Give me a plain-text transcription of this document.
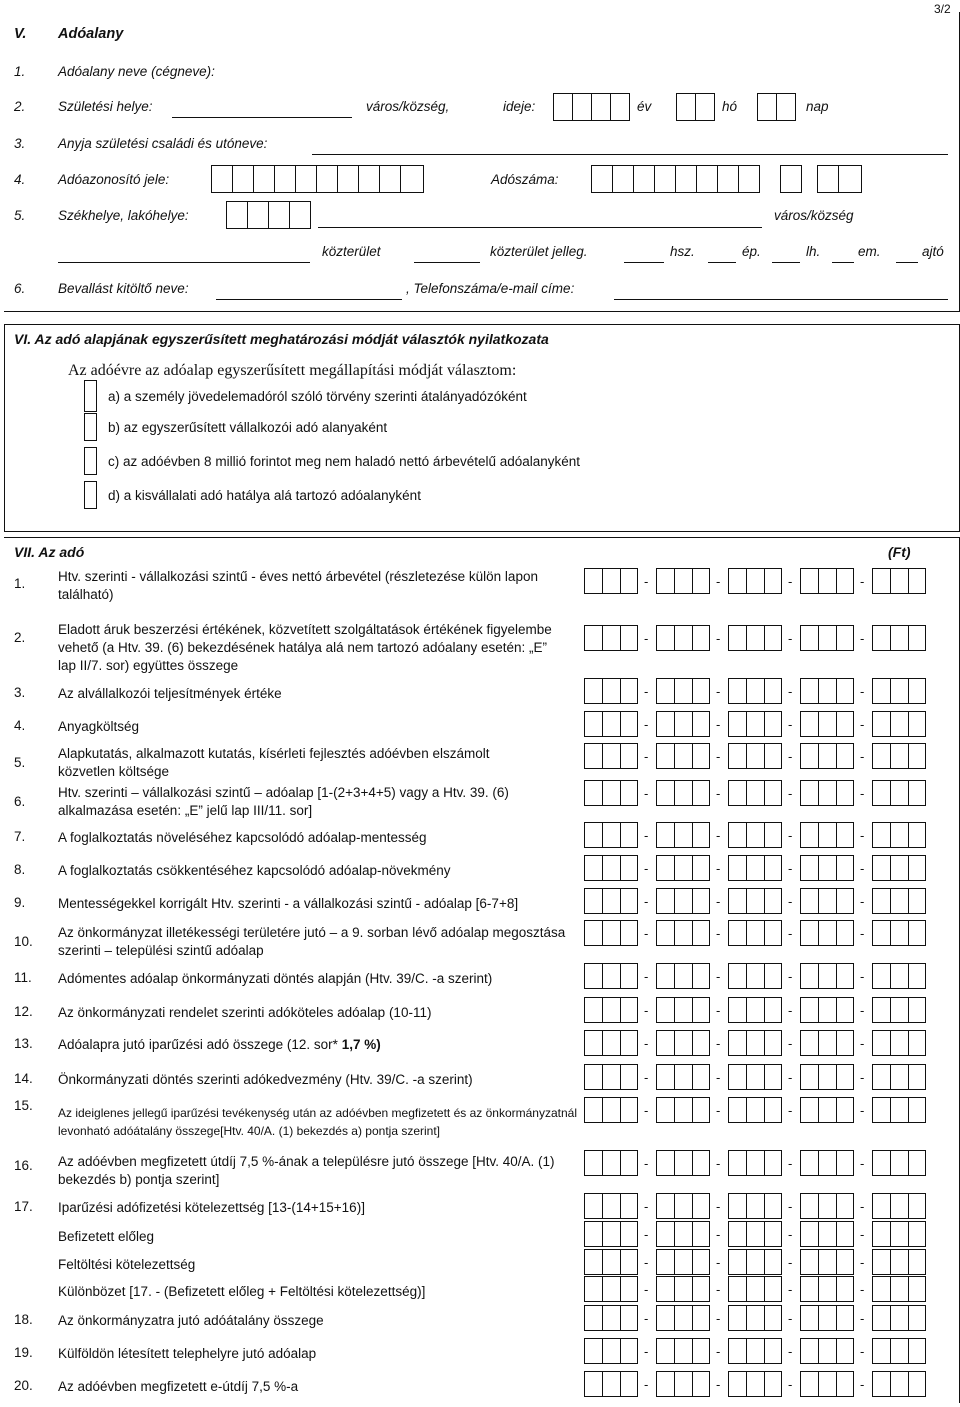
3/2
V. Adóalany
1. Adóalany neve (cégneve):
2. Születési helye:	város/község,	ideje:	év	hó	nap
3. Anyja születési családi és utóneve:
4. Adóazonosító jele:	Adószáma:
5. Székhelye, lakóhelye:	város/község
közterület	közterület jelleg.	hsz.	ép.	lh.	em.	ajtó
6. Bevallást kitöltő neve:	, Telefonszáma/e-mail címe:
VI. Az adó alapjának egyszerűsített meghatározási módját választók nyilatkozata
Az adóévre az adóalap egyszerűsített megállapítási módját választom:
a) a személy jövedelemadóról szóló törvény szerinti átalányadózóként
b) az egyszerűsített vállalkozói adó alanyaként
c) az adóévben 8 millió forintot meg nem haladó nettó árbevételű adóalanyként
d) a kisvállalati adó hatálya alá tartozó adóalanyként
VII. Az adó	(Ft)
1. Htv. szerinti - vállalkozási szintű - éves nettó árbevétel (részletezése külön lapon található)
-	-	-	-
2.
Eladott áruk beszerzési értékének, közvetített szolgáltatások értékének figyelembe vehető (a Htv. 39. (6) bekezdésének hatálya alá nem tartozó adóalany esetén: „E” lap II/7. sor) együttes összege
-	-	-	-
3. Az alvállalkozói teljesítmények értéke	-	-	-	-
4. Anyagköltség	-	-	-	-
5.
Alapkutatás, alkalmazott kutatás, kísérleti fejlesztés adóévben elszámolt közvetlen költsége
-	-	-	-
6.
Htv. szerinti – vállalkozási szintű – adóalap [1-(2+3+4+5) vagy a Htv. 39. (6) alkalmazása esetén: „E” jelű lap III/11. sor]
-	-	-	-
7. A foglalkoztatás növeléséhez kapcsolódó adóalap-mentesség	-	-	-	-
8. A foglalkoztatás csökkentéséhez kapcsolódó adóalap-növekmény	-	-	-	-
9. Mentességekkel korrigált Htv. szerinti - a vállalkozási szintű - adóalap [6-7+8]	-	-	-	-
10.
Az önkormányzat illetékességi területére jutó – a 9. sorban lévő adóalap megosztása szerinti – települési szintű adóalap
-	-	-	-
11. Adómentes adóalap önkormányzati döntés alapján (Htv. 39/C. -a szerint)	-	-	-	-
12. Az önkormányzati rendelet szerinti adóköteles adóalap (10-11)	-	-	-	-
13. Adóalapra jutó iparűzési adó összege (12. sor* 1,7 %)	-	-	-	-
14. Önkormányzati döntés szerinti adókedvezmény (Htv. 39/C. -a szerint)	-	-	-	-
15. Az ideiglenes jellegű iparűzési tevékenység után az adóévben megfizetett és az önkormányzatnál levonható adóátalány összege[Htv. 40/A. (1) bekezdés a) pontja szerint]
-	-	-	-
16. Az adóévben megfizetett útdíj 7,5 %-ának a településre jutó összege [Htv. 40/A. (1) bekezdés b) pontja szerint]
-	-	-	-
17. Iparűzési adófizetési kötelezettség [13-(14+15+16)]	-	-	-	-
Befizetett előleg	-	-	-	-
Feltöltési kötelezettség	-	-	-	-
Különbözet [17. - (Befizetett előleg + Feltöltési kötelezettség)]	-	-	-	-
18. Az önkormányzatra jutó adóátalány összege	-	-	-	-
19. Külföldön létesített telephelyre jutó adóalap	-	-	-	-
20. Az adóévben megfizetett e-útdíj 7,5 %-a	-	-	-	-
